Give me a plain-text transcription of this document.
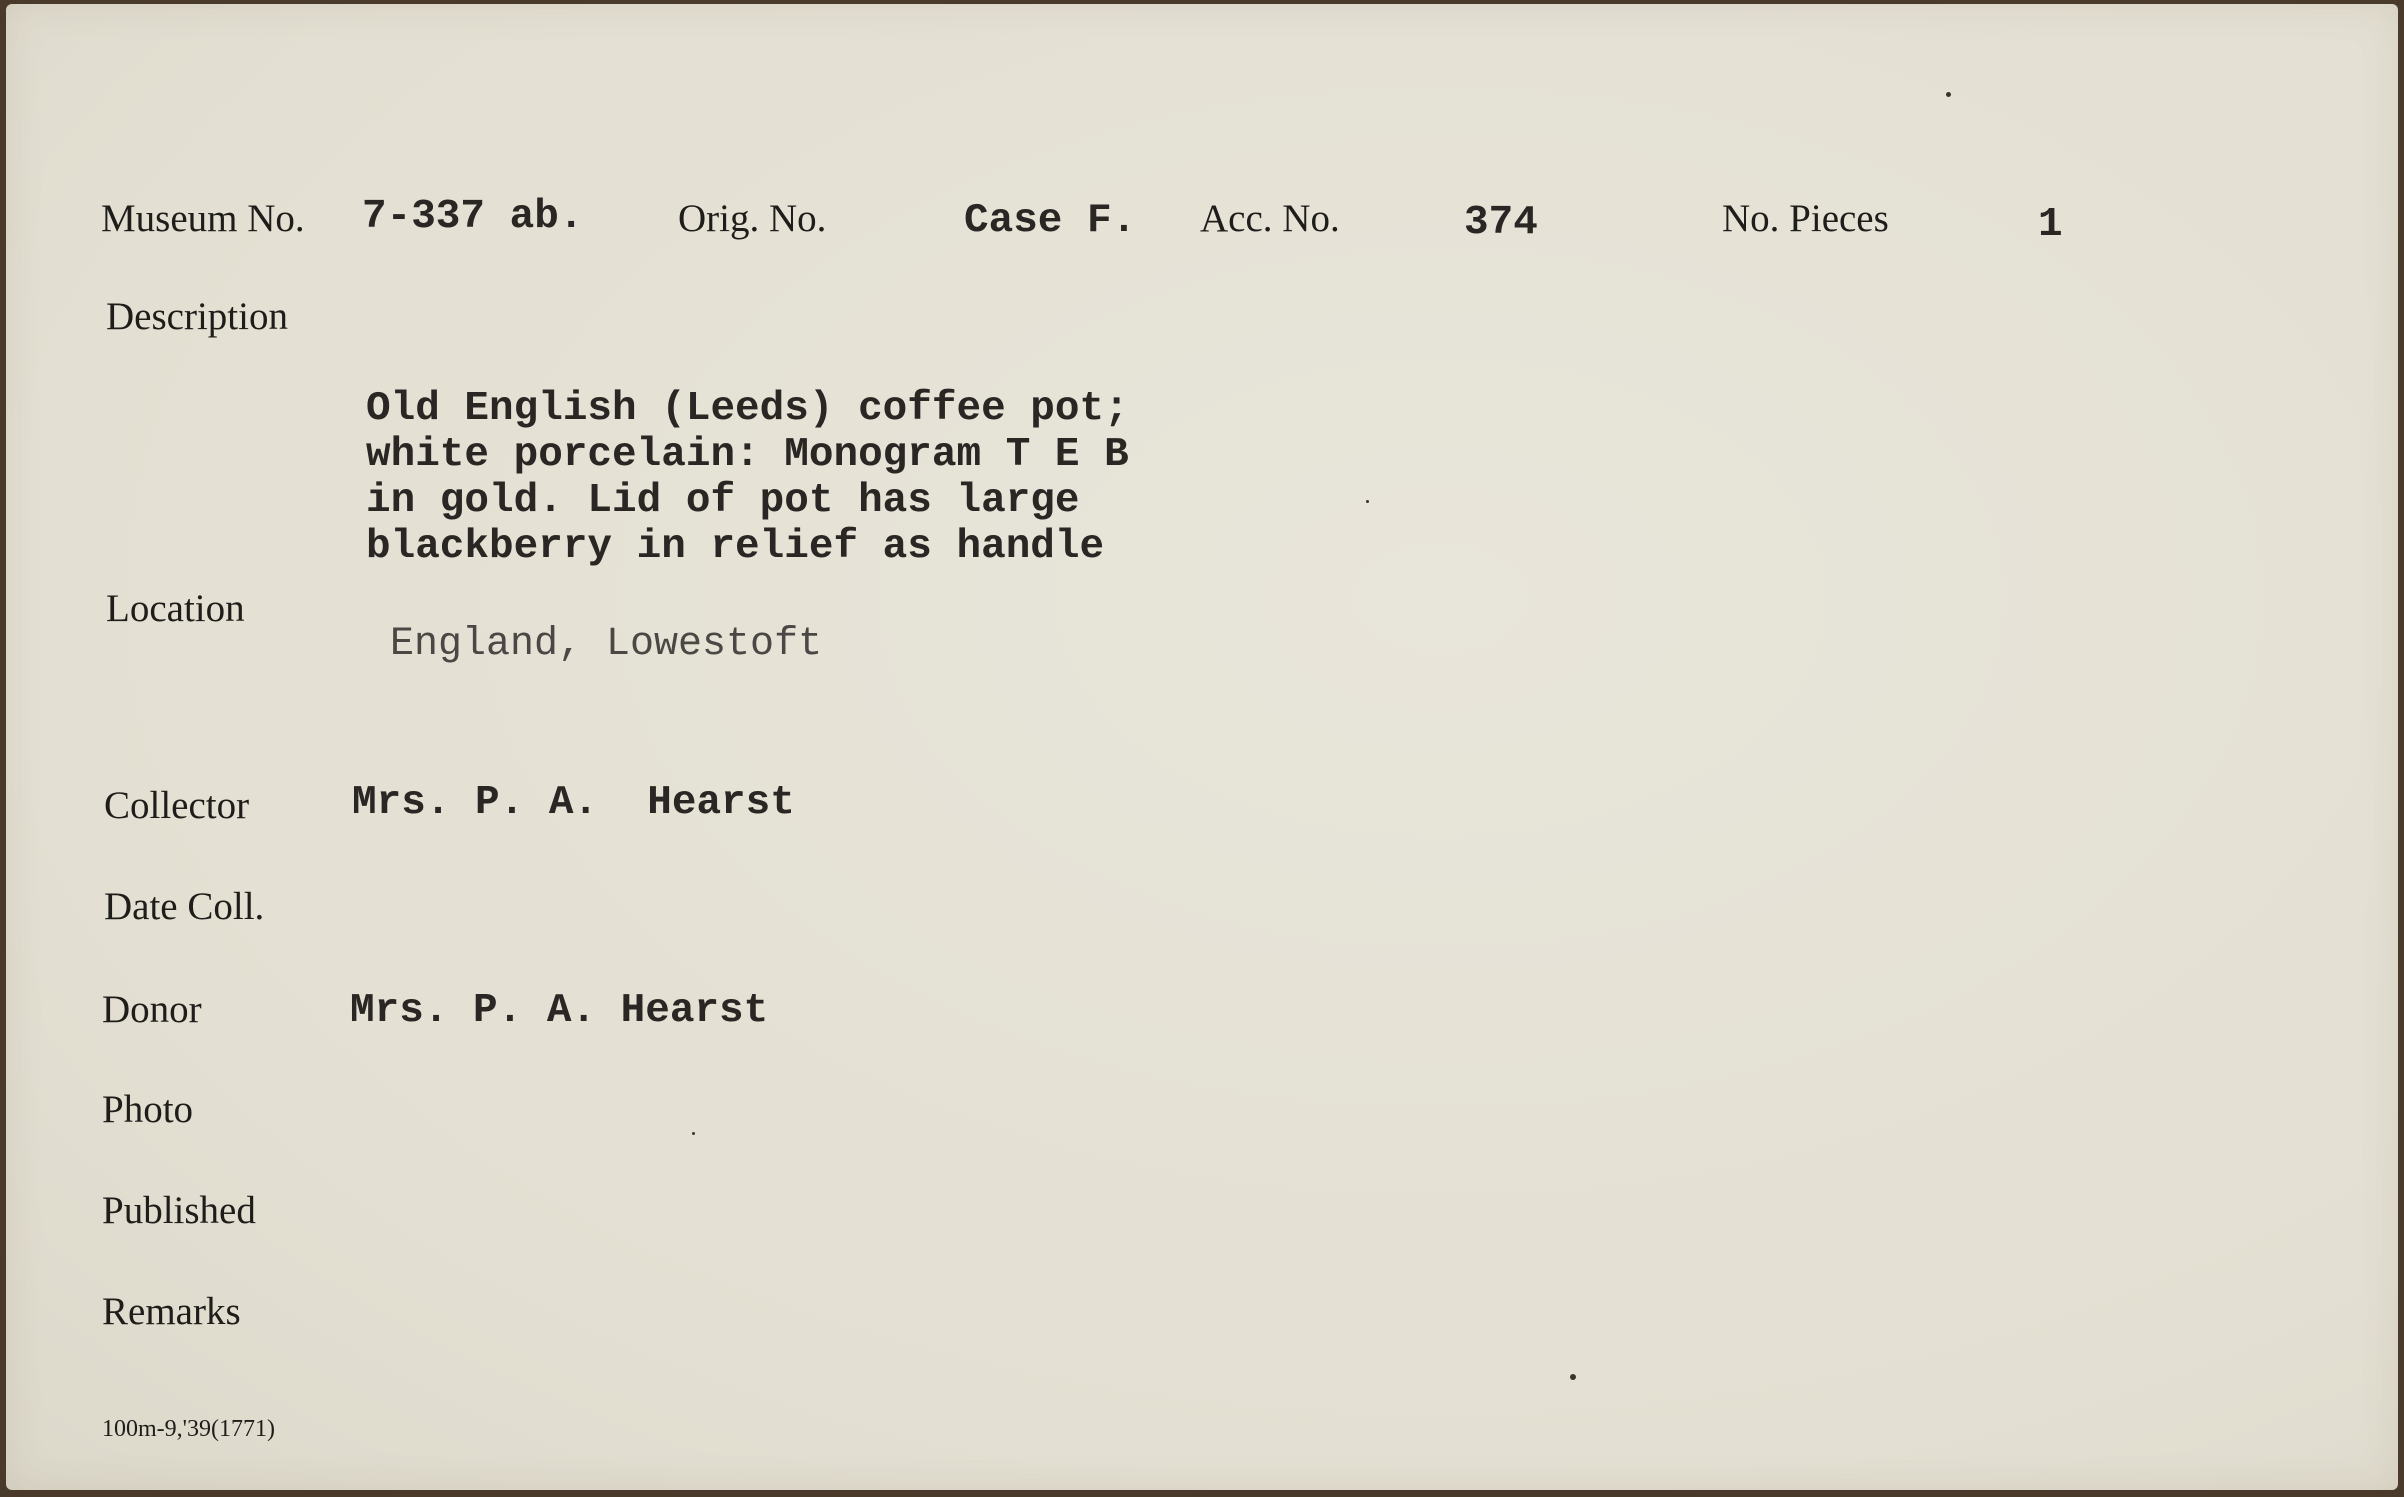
Museum No. 7-337 ab. Orig. No.	Case F. Acc. No.	374	No. Pieces	1

Description

Old English (Leeds) coffee pot;
white porcelain: Monogram T E B
in gold. Lid of pot has large
blackberry in relief as handle

Location

England, Lowestoft

Collector	Mrs. P. A.  Hearst

Date Coll.

Donor	Mrs. P. A. Hearst

Photo

Published

Remarks

100m-9,'39(1771)
